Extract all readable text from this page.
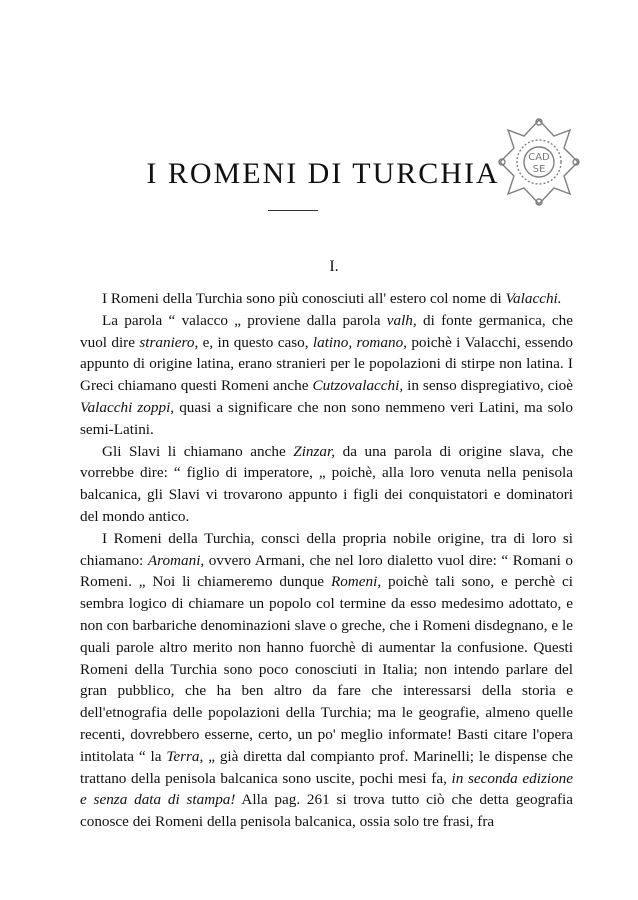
I ROMENI DI TURCHIA	CAD
SE
I.

I Romeni della Turchia sono più conosciuti all' estero col nome di Valacchi.

La parola “ valacco „ proviene dalla parola valh, di fonte germanica, che vuol dire straniero, e, in questo caso, latino, romano, poichè i Valacchi, essendo appunto di origine latina, erano stranieri per le popolazioni di stirpe non latina. I Greci chiamano questi Romeni anche Cutzovalacchi, in senso dispregiativo, cioè Valacchi zoppi, quasi a significare che non sono nemmeno veri Latini, ma solo semi-Latini.

Gli Slavi li chiamano anche Zinzar, da una parola di origine slava, che vorrebbe dire: “ figlio di imperatore, „ poichè, alla loro venuta nella penisola balcanica, gli Slavi vi trovarono appunto i figli dei conquistatori e dominatori del mondo antico.

I Romeni della Turchia, consci della propria nobile origine, tra di loro si chiamano: Aromani, ovvero Armani, che nel loro dialetto vuol dire: “ Romani o Romeni. „ Noi li chiameremo dunque Romeni, poichè tali sono, e perchè ci sembra logico di chiamare un popolo col termine da esso medesimo adottato, e non con barbariche denominazioni slave o greche, che i Romeni disdegnano, e le quali parole altro merito non hanno fuorchè di aumentar la confusione. Questi Romeni della Turchia sono poco conosciuti in Italia; non intendo parlare del gran pubblico, che ha ben altro da fare che interessarsi della storia e dell'etnografia delle popolazioni della Turchia; ma le geografie, almeno quelle recenti, dovrebbero esserne, certo, un po' meglio informate! Basti citare l'opera intitolata “ la Terra, „ già diretta dal compianto prof. Marinelli; le dispense che trattano della penisola balcanica sono uscite, pochi mesi fa, in seconda edizione e senza data di stampa! Alla pag. 261 si trova tutto ciò che detta geografia conosce dei Romeni della penisola balcanica, ossia solo tre frasi, fra
